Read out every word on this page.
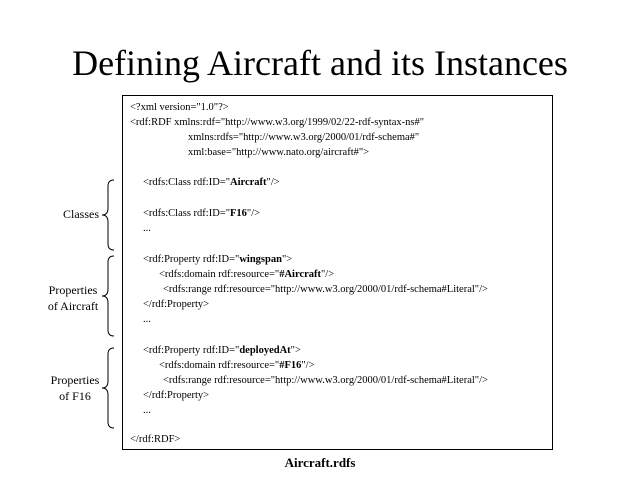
Defining Aircraft and its Instances
Classes
Properties
of Aircraft
Properties
of F16
<?xml version="1.0"?>
<rdf:RDF xmlns:rdf="http://www.w3.org/1999/02/22-rdf-syntax-ns#"
xmlns:rdfs="http://www.w3.org/2000/01/rdf-schema#"
xml:base="http://www.nato.org/aircraft#">
<rdfs:Class rdf:ID="Aircraft"/>
<rdfs:Class rdf:ID="F16"/>
...
<rdf:Property rdf:ID="wingspan">
<rdfs:domain rdf:resource="#Aircraft"/>
<rdfs:range rdf:resource="http://www.w3.org/2000/01/rdf-schema#Literal"/>
</rdf:Property>
...
<rdf:Property rdf:ID="deployedAt">
<rdfs:domain rdf:resource="#F16"/>
<rdfs:range rdf:resource="http://www.w3.org/2000/01/rdf-schema#Literal"/>
</rdf:Property>
...
</rdf:RDF>
Aircraft.rdfs
